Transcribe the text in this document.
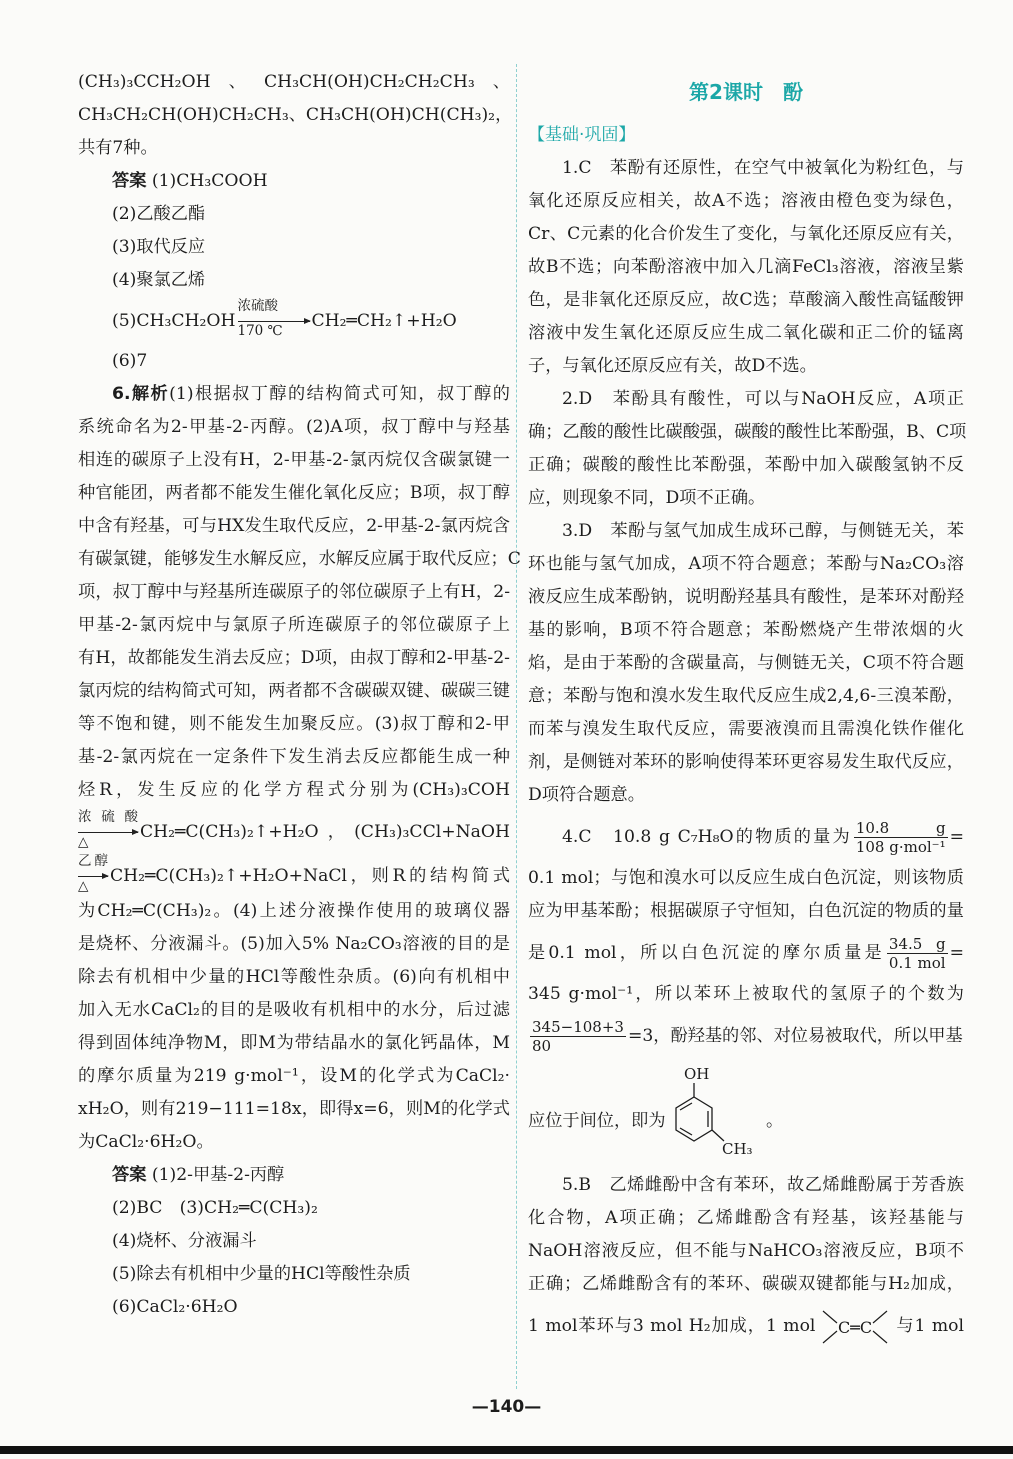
(CH₃)₃CCH₂OH、CH₃CH(OH)CH₂CH₂CH₃、
CH₃CH₂CH(OH)CH₂CH₃、CH₃CH(OH)CH(CH₃)₂，
共有7种。
答案 (1)CH₃COOH
(2)乙酸乙酯
(3)取代反应
(4)聚氯乙烯
(5)CH₃CH₂OH
浓硫酸
170 ℃	CH₂═CH₂↑+H₂O
(6)7
6.解析(1)根据叔丁醇的结构简式可知，叔丁醇的
系统命名为2-甲基-2-丙醇。(2)A项，叔丁醇中与羟基
相连的碳原子上没有H，2-甲基-2-氯丙烷仅含碳氯键一
种官能团，两者都不能发生催化氧化反应；B项，叔丁醇
中含有羟基，可与HX发生取代反应，2-甲基-2-氯丙烷含
有碳氯键，能够发生水解反应，水解反应属于取代反应；C
项，叔丁醇中与羟基所连碳原子的邻位碳原子上有H，2-
甲基-2-氯丙烷中与氯原子所连碳原子的邻位碳原子上
有H，故都能发生消去反应；D项，由叔丁醇和2-甲基-2-
氯丙烷的结构简式可知，两者都不含碳碳双键、碳碳三键
等不饱和键，则不能发生加聚反应。(3)叔丁醇和2-甲
基-2-氯丙烷在一定条件下发生消去反应都能生成一种
烃R，发生反应的化学方程式分别为(CH₃)₃COH
浓硫酸
△	CH₂═C(CH₃)₂↑+H₂O，(CH₃)₃CCl+NaOH
乙醇
△	CH₂═C(CH₃)₂↑+H₂O+NaCl，则R的结构简式
为CH₂═C(CH₃)₂。(4)上述分液操作使用的玻璃仪器
是烧杯、分液漏斗。(5)加入5% Na₂CO₃溶液的目的是
除去有机相中少量的HCl等酸性杂质。(6)向有机相中
加入无水CaCl₂的目的是吸收有机相中的水分，后过滤
得到固体纯净物M，即M为带结晶水的氯化钙晶体，M
的摩尔质量为219 g·mol⁻¹，设M的化学式为CaCl₂·
xH₂O，则有219−111=18x，即得x=6，则M的化学式
为CaCl₂·6H₂O。
答案 (1)2-甲基-2-丙醇
(2)BC　(3)CH₂═C(CH₃)₂
(4)烧杯、分液漏斗
(5)除去有机相中少量的HCl等酸性杂质
(6)CaCl₂·6H₂O
第2课时　酚
【基础·巩固】
1.C　苯酚有还原性，在空气中被氧化为粉红色，与
氧化还原反应相关，故A不选；溶液由橙色变为绿色，
Cr、C元素的化合价发生了变化，与氧化还原反应有关，
故B不选；向苯酚溶液中加入几滴FeCl₃溶液，溶液呈紫
色，是非氧化还原反应，故C选；草酸滴入酸性高锰酸钾
溶液中发生氧化还原反应生成二氧化碳和正二价的锰离
子，与氧化还原反应有关，故D不选。
2.D　苯酚具有酸性，可以与NaOH反应，A项正
确；乙酸的酸性比碳酸强，碳酸的酸性比苯酚强，B、C项
正确；碳酸的酸性比苯酚强，苯酚中加入碳酸氢钠不反
应，则现象不同，D项不正确。
3.D　苯酚与氢气加成生成环己醇，与侧链无关，苯
环也能与氢气加成，A项不符合题意；苯酚与Na₂CO₃溶
液反应生成苯酚钠，说明酚羟基具有酸性，是苯环对酚羟
基的影响，B项不符合题意；苯酚燃烧产生带浓烟的火
焰，是由于苯酚的含碳量高，与侧链无关，C项不符合题
意；苯酚与饱和溴水发生取代反应生成2,4,6-三溴苯酚，
而苯与溴发生取代反应，需要液溴而且需溴化铁作催化
剂，是侧链对苯环的影响使得苯环更容易发生取代反应，
D项符合题意。
4.C　10.8 g C₇H₈O的物质的量为 $\frac{10.8 g}{\text{108 g·mol⁻¹}}$ =
0.1 mol；与饱和溴水可以反应生成白色沉淀，则该物质
应为甲基苯酚；根据碳原子守恒知，白色沉淀的物质的量
是0.1 mol，所以白色沉淀的摩尔质量是 $\frac{34.5 g}{\text{0.1 mol}}$ =
345 g·mol⁻¹，所以苯环上被取代的氢原子的个数为
$\frac{345-108+3}{80} =3$，酚羟基的邻、对位易被取代，所以甲基
应位于间位，即为
OH
CH₃
。
5.B　乙烯雌酚中含有苯环，故乙烯雌酚属于芳香族
化合物，A项正确；乙烯雌酚含有羟基，该羟基能与
NaOH溶液反应，但不能与NaHCO₃溶液反应，B项不
正确；乙烯雌酚含有的苯环、碳碳双键都能与H₂加成，
1 mol苯环与3 mol H₂加成，1 mol C═C 与1 mol
—140—
